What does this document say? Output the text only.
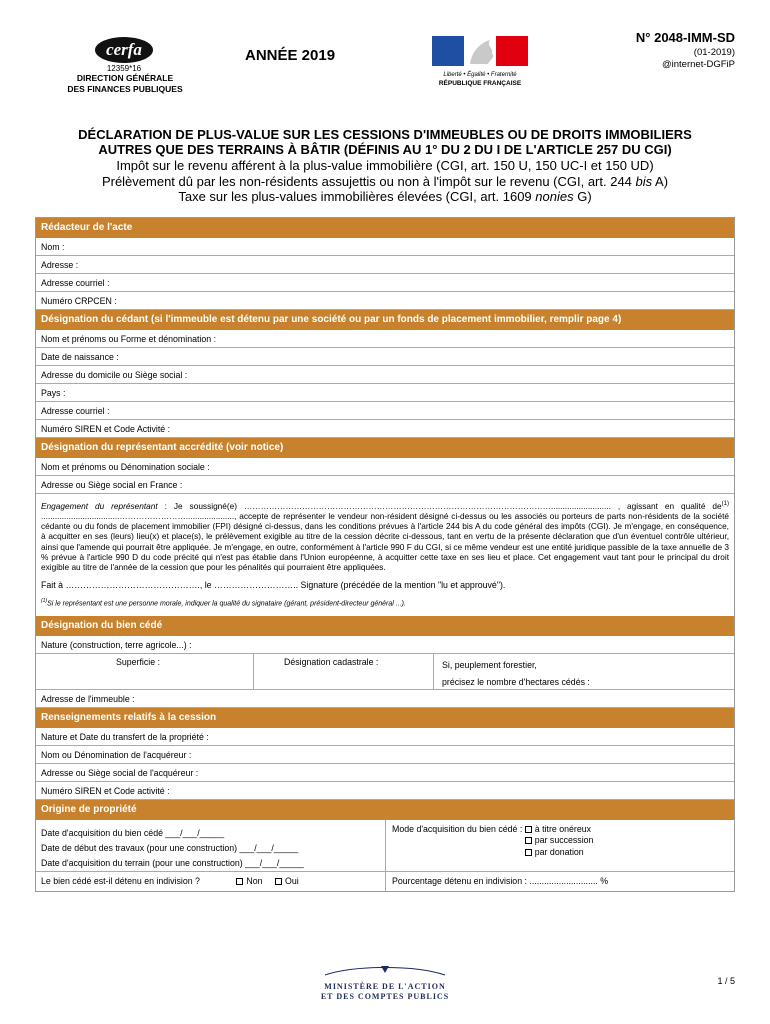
cerfa
12359*16
DIRECTION GÉNÉRALE
DES FINANCES PUBLIQUES
ANNÉE 2019
Liberté • Égalité • Fraternité
RÉPUBLIQUE FRANÇAISE
N° 2048-IMM-SD
(01-2019)
@internet-DGFiP
DÉCLARATION DE PLUS-VALUE SUR LES CESSIONS D'IMMEUBLES OU DE DROITS IMMOBILIERS
AUTRES QUE DES TERRAINS À BÂTIR (DÉFINIS AU 1° DU 2 DU I DE L'ARTICLE 257 DU CGI)
Impôt sur le revenu afférent à la plus-value immobilière (CGI, art. 150 U, 150 UC-I et 150 UD)
Prélèvement dû par les non-résidents assujettis ou non à l'impôt sur le revenu (CGI, art. 244 bis A)
Taxe sur les plus-values immobilières élevées (CGI, art. 1609 nonies G)
Rédacteur de l'acte
Nom :
Adresse :
Adresse courriel :
Numéro CRPCEN :
Désignation du cédant (si l'immeuble est détenu par une société ou par un fonds de placement immobilier, remplir page 4)
Nom et prénoms ou Forme et dénomination :
Date de naissance :
Adresse du domicile ou Siège social :
Pays :
Adresse courriel :
Numéro SIREN et Code Activité :
Désignation du représentant accrédité (voir notice)
Nom et prénoms ou Dénomination sociale :
Adresse ou Siège social en France :
Engagement du représentant : Je soussigné(e) ………………………………………………………………………………………………….......................... , agissant en qualité $de^{(1)}$ ..................................……………………....................., accepte de représenter le vendeur non-résident désigné ci-dessus ou les associés ou porteurs de parts non-résidents de la société cédante ou du fonds de placement immobilier (FPI) désigné ci-dessus, dans les conditions prévues à l'article 244 bis A du code général des impôts (CGI). Je m'engage, en conséquence, à acquitter en ses (leurs) lieu(x) et place(s), le prélèvement exigible au titre de la cession décrite ci-dessous, tant en vertu de la présente déclaration que d'un éventuel contrôle ultérieur, ainsi que l'amende qui pourrait être appliquée. Je m'engage, en outre, conformément à l'article 990 F du CGI, si ce même vendeur est une entité juridique passible de la taxe annuelle de 3 % prévue à l'article 990 D du code précité qui n'est pas établie dans l'Union européenne, à acquitter cette taxe en ses lieu et place. Cet engagement vaut tant pour le principal du droit exigible au titre de l'année de la cession que pour les pénalités qui pourraient être appliquées.
Fait à ………………………………………., le ……………………….. Signature (précédée de la mention "lu et approuvé").
$^{(1)}$Si le représentant est une personne morale, indiquer la qualité du signataire (gérant, président-directeur général ...).
Désignation du bien cédé
Nature (construction, terre agricole...) :
Superficie :	Désignation cadastrale :	Si, peuplement forestier,
précisez le nombre d'hectares cédés :
Adresse de l'immeuble :
Renseignements relatifs à la cession
Nature et Date du transfert de la propriété :
Nom ou Dénomination de l'acquéreur :
Adresse ou Siège social de l'acquéreur :
Numéro SIREN et Code activité :
Origine de propriété
Date d'acquisition du bien cédé ___/___/_____
Date de début des travaux (pour une construction) ___/___/_____
Date d'acquisition du terrain (pour une construction) ___/___/_____
Mode d'acquisition du bien cédé :	à titre onéreux
par succession
par donation
Le bien cédé est-il détenu en indivision ?	Non	Oui	Pourcentage détenu en indivision : ............................ %
MINISTÈRE DE L'ACTION
ET DES COMPTES PUBLICS
1 / 5
